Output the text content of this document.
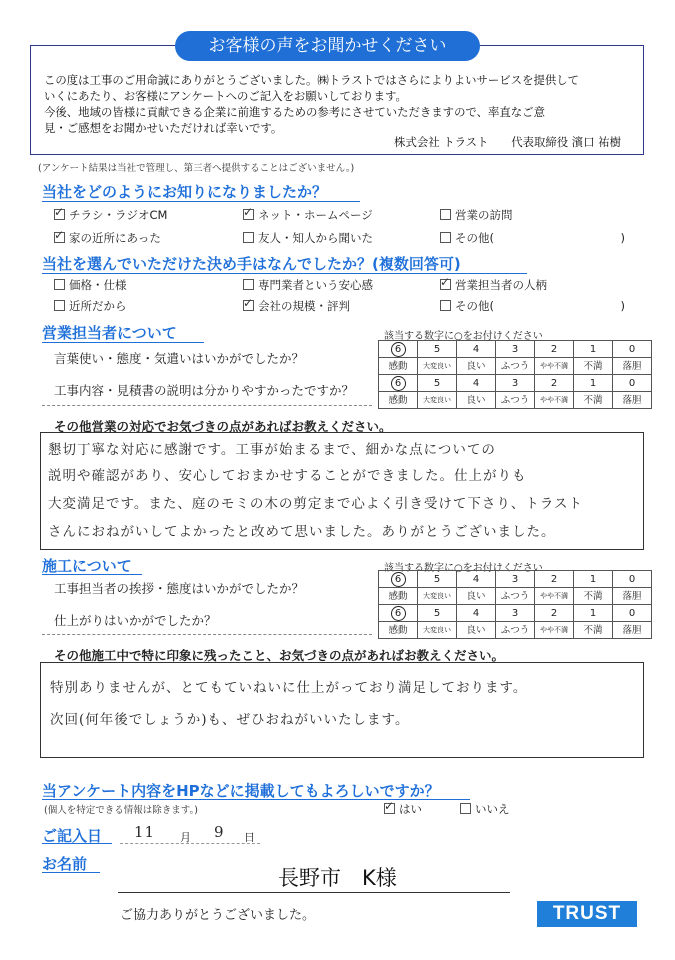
お客様の声をお聞かせください
この度は工事のご用命誠にありがとうございました。㈱トラストではさらによりよいサービスを提供して
いくにあたり、お客様にアンケートへのご記入をお願いしております。
今後、地域の皆様に貢献できる企業に前進するための参考にさせていただきますので、率直なご意
見・ご感想をお聞かせいただければ幸いです。
株式会社 トラスト　　代表取締役 濱口 祐樹
(アンケート結果は当社で管理し、第三者へ提供することはございません。)
当社をどのようにお知りになりましたか？
✓チラシ・ラジオCM ✓	ネット・ホームページ	営業の訪問
✓家の近所にあった	友人・知人から聞いた	その他(　　　　　　　　　　　)
当社を選んでいただけた決め手はなんでしたか？(複数回答可)
価格・仕様	専門業者という安心感 ✓	営業担当者の人柄
近所だから ✓	会社の規模・評判	その他(　　　　　　　　　　　)
営業担当者について	該当する数字に○をお付けください
言葉使い・態度・気遣いはいかがでしたか？
工事内容・見積書の説明は分かりやすかったですか？
6	5	4	3	2	1	0
感動	大変良い	良い	ふつう	やや不満	不満	落胆
6	5	4	3	2	1	0
感動	大変良い	良い	ふつう	やや不満	不満	落胆
その他営業の対応でお気づきの点があればお教えください。
懇切丁寧な対応に感謝です。工事が始まるまで、細かな点についての
説明や確認があり、安心しておまかせすることができました。仕上がりも
大変満足です。また、庭のモミの木の剪定まで心よく引き受けて下さり、トラスト
さんにおねがいしてよかったと改めて思いました。ありがとうございました。
施工について	該当する数字に○をお付けください
工事担当者の挨拶・態度はいかがでしたか？
仕上がりはいかがでしたか？
6	5	4	3	2	1	0
感動	大変良い	良い	ふつう	やや不満	不満	落胆
6	5	4	3	2	1	0
感動	大変良い	良い	ふつう	やや不満	不満	落胆
その他施工中で特に印象に残ったこと、お気づきの点があればお教えください。
特別ありませんが、とてもていねいに仕上がっており満足しております。
次回(何年後でしょうか)も、ぜひおねがいいたします。
当アンケート内容をHPなどに掲載してもよろしいですか？
(個人を特定できる情報は除きます。) ✓	はい	いいえ
ご記入日 11 月 9 日
お名前
長野市　K様
ご協力ありがとうございました。	TRUST
